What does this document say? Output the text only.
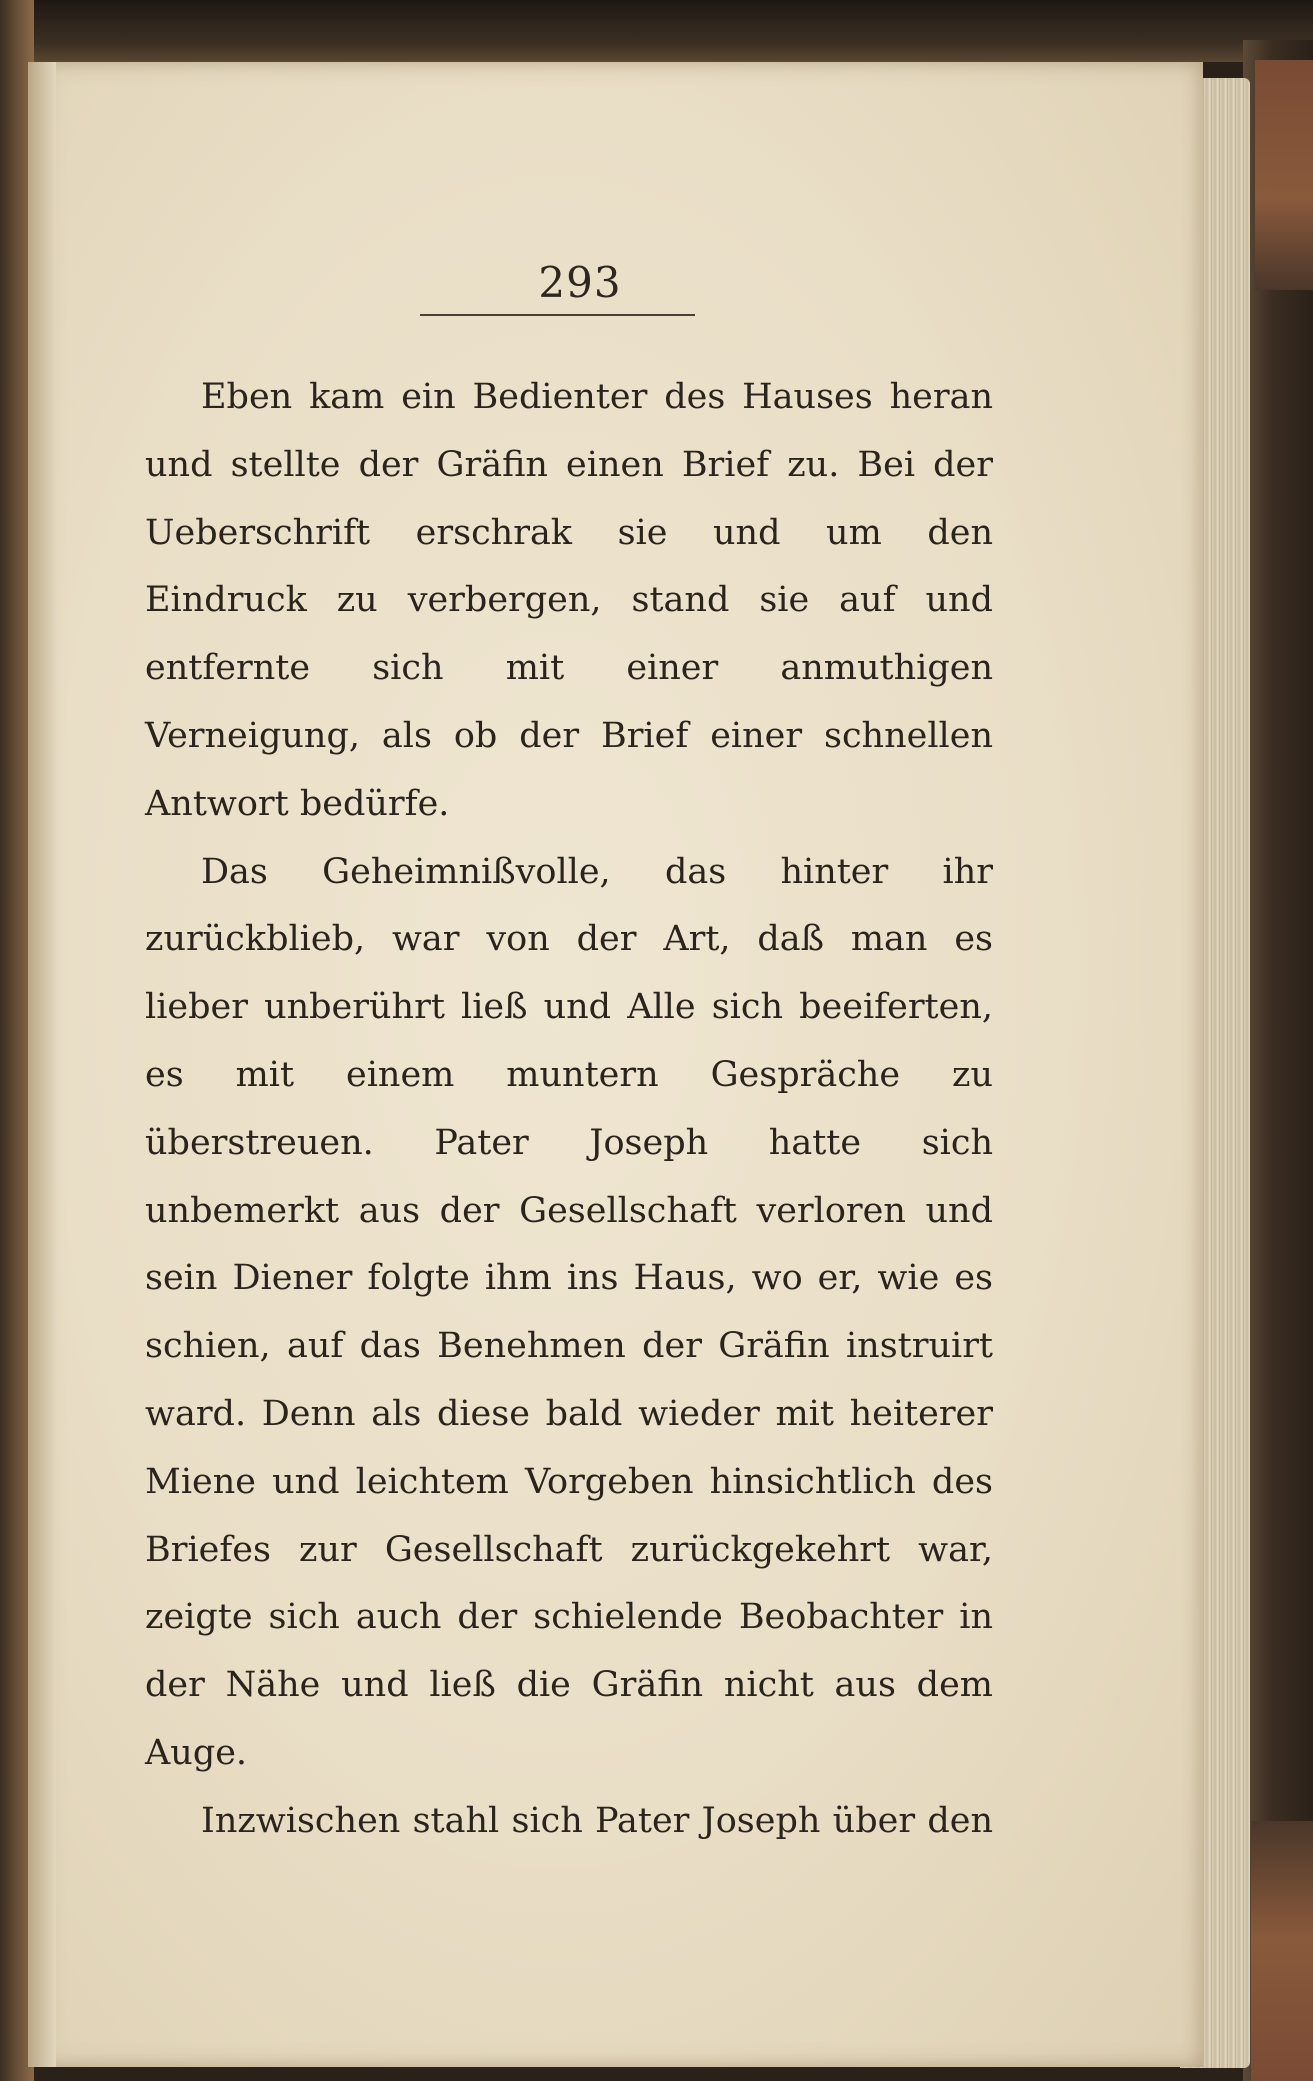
293

Eben kam ein Bedienter des Hauses heran und stellte der Gräfin einen Brief zu. Bei der Ueberschrift erschrak sie und um den Eindruck zu verbergen, stand sie auf und entfernte sich mit einer anmuthigen Verneigung, als ob der Brief einer schnellen Antwort bedürfe.

Das Geheimnißvolle, das hinter ihr zurückblieb, war von der Art, daß man es lieber unberührt ließ und Alle sich beeiferten, es mit einem muntern Gespräche zu überstreuen. Pater Joseph hatte sich unbemerkt aus der Gesellschaft verloren und sein Diener folgte ihm ins Haus, wo er, wie es schien, auf das Benehmen der Gräfin instruirt ward. Denn als diese bald wieder mit heiterer Miene und leichtem Vorgeben hinsichtlich des Briefes zur Gesellschaft zurückgekehrt war, zeigte sich auch der schielende Beobachter in der Nähe und ließ die Gräfin nicht aus dem Auge.

Inzwischen stahl sich Pater Joseph über den
